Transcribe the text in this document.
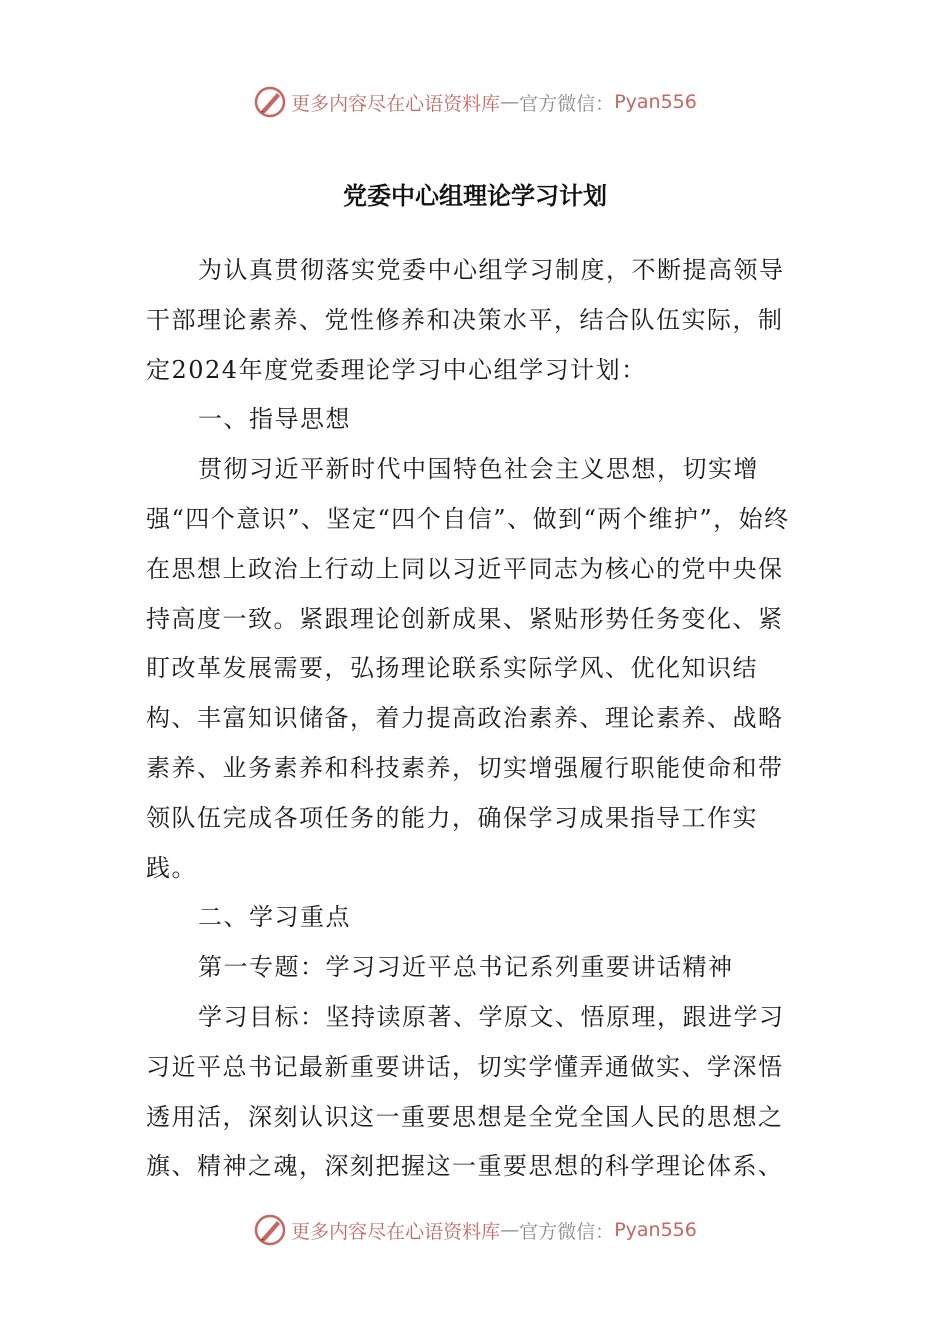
更多内容尽在心语资料库 — 官方微信： Pyan556
党委中心组理论学习计划

为认真贯彻落实党委中心组学习制度，不断提高领导干部理论素养、党性修养和决策水平，结合队伍实际，制定2024年度党委理论学习中心组学习计划：

一、指导思想

贯彻习近平新时代中国特色社会主义思想，切实增强“四个意识”、坚定“四个自信”、做到“两个维护”，始终在思想上政治上行动上同以习近平同志为核心的党中央保持高度一致。紧跟理论创新成果、紧贴形势任务变化、紧盯改革发展需要，弘扬理论联系实际学风、优化知识结构、丰富知识储备，着力提高政治素养、理论素养、战略素养、业务素养和科技素养，切实增强履行职能使命和带领队伍完成各项任务的能力，确保学习成果指导工作实践。

二、学习重点

第一专题：学习习近平总书记系列重要讲话精神

学习目标：坚持读原著、学原文、悟原理，跟进学习习近平总书记最新重要讲话，切实学懂弄通做实、学深悟透用活，深刻认识这一重要思想是全党全国人民的思想之旗、精神之魂，深刻把握这一重要思想的科学理论体系、

更多内容尽在心语资料库 — 官方微信： Pyan556
